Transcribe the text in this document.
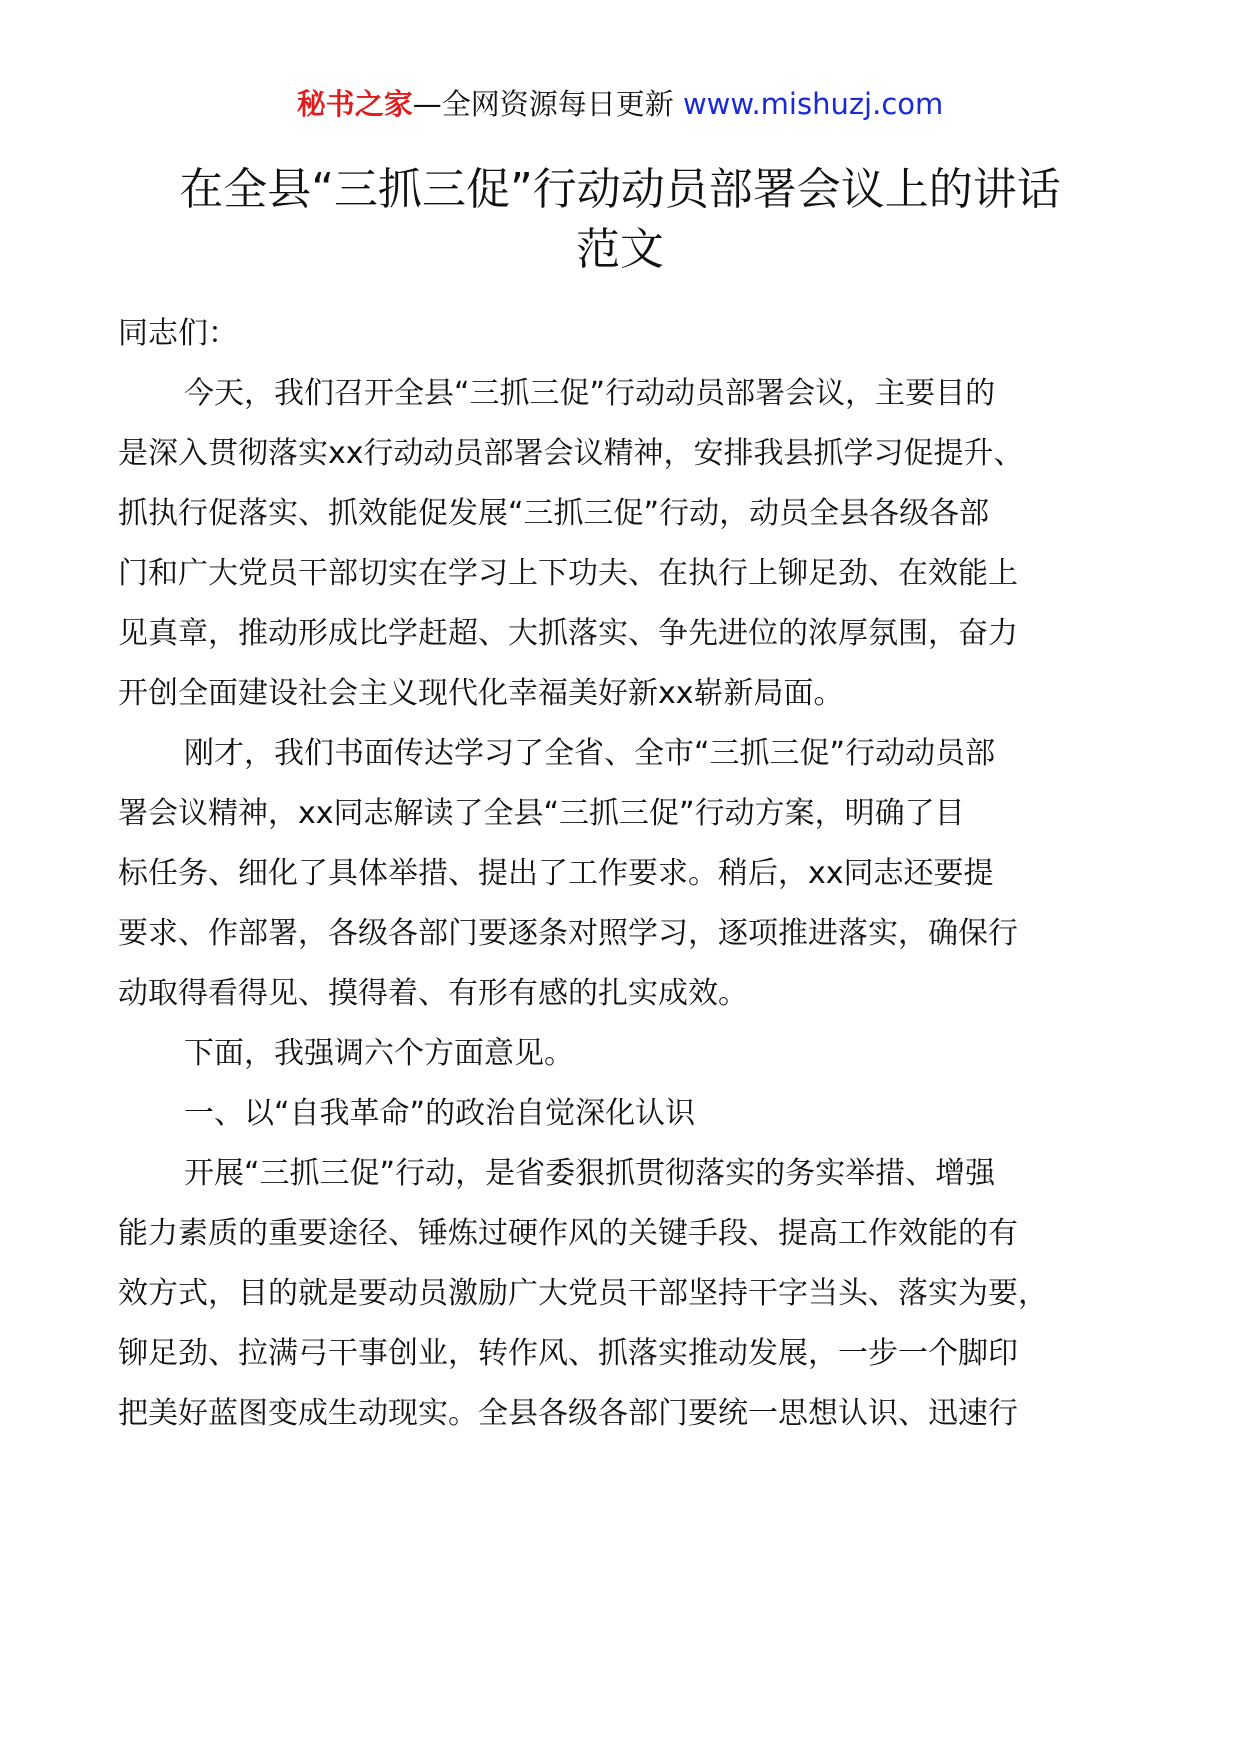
秘书之家—全网资源每日更新 www.mishuzj.com
在全县“三抓三促”行动动员部署会议上的讲话
范文
同志们：
今天，我们召开全县“三抓三促”行动动员部署会议，主要目的
是深入贯彻落实xx行动动员部署会议精神，安排我县抓学习促提升、
抓执行促落实、抓效能促发展“三抓三促”行动，动员全县各级各部
门和广大党员干部切实在学习上下功夫、在执行上铆足劲、在效能上
见真章，推动形成比学赶超、大抓落实、争先进位的浓厚氛围，奋力
开创全面建设社会主义现代化幸福美好新xx崭新局面。
刚才，我们书面传达学习了全省、全市“三抓三促”行动动员部
署会议精神，xx同志解读了全县“三抓三促”行动方案，明确了目
标任务、细化了具体举措、提出了工作要求。稍后，xx同志还要提
要求、作部署，各级各部门要逐条对照学习，逐项推进落实，确保行
动取得看得见、摸得着、有形有感的扎实成效。
下面，我强调六个方面意见。
一、以“自我革命”的政治自觉深化认识
开展“三抓三促”行动，是省委狠抓贯彻落实的务实举措、增强
能力素质的重要途径、锤炼过硬作风的关键手段、提高工作效能的有
效方式，目的就是要动员激励广大党员干部坚持干字当头、落实为要，
铆足劲、拉满弓干事创业，转作风、抓落实推动发展，一步一个脚印
把美好蓝图变成生动现实。全县各级各部门要统一思想认识、迅速行
